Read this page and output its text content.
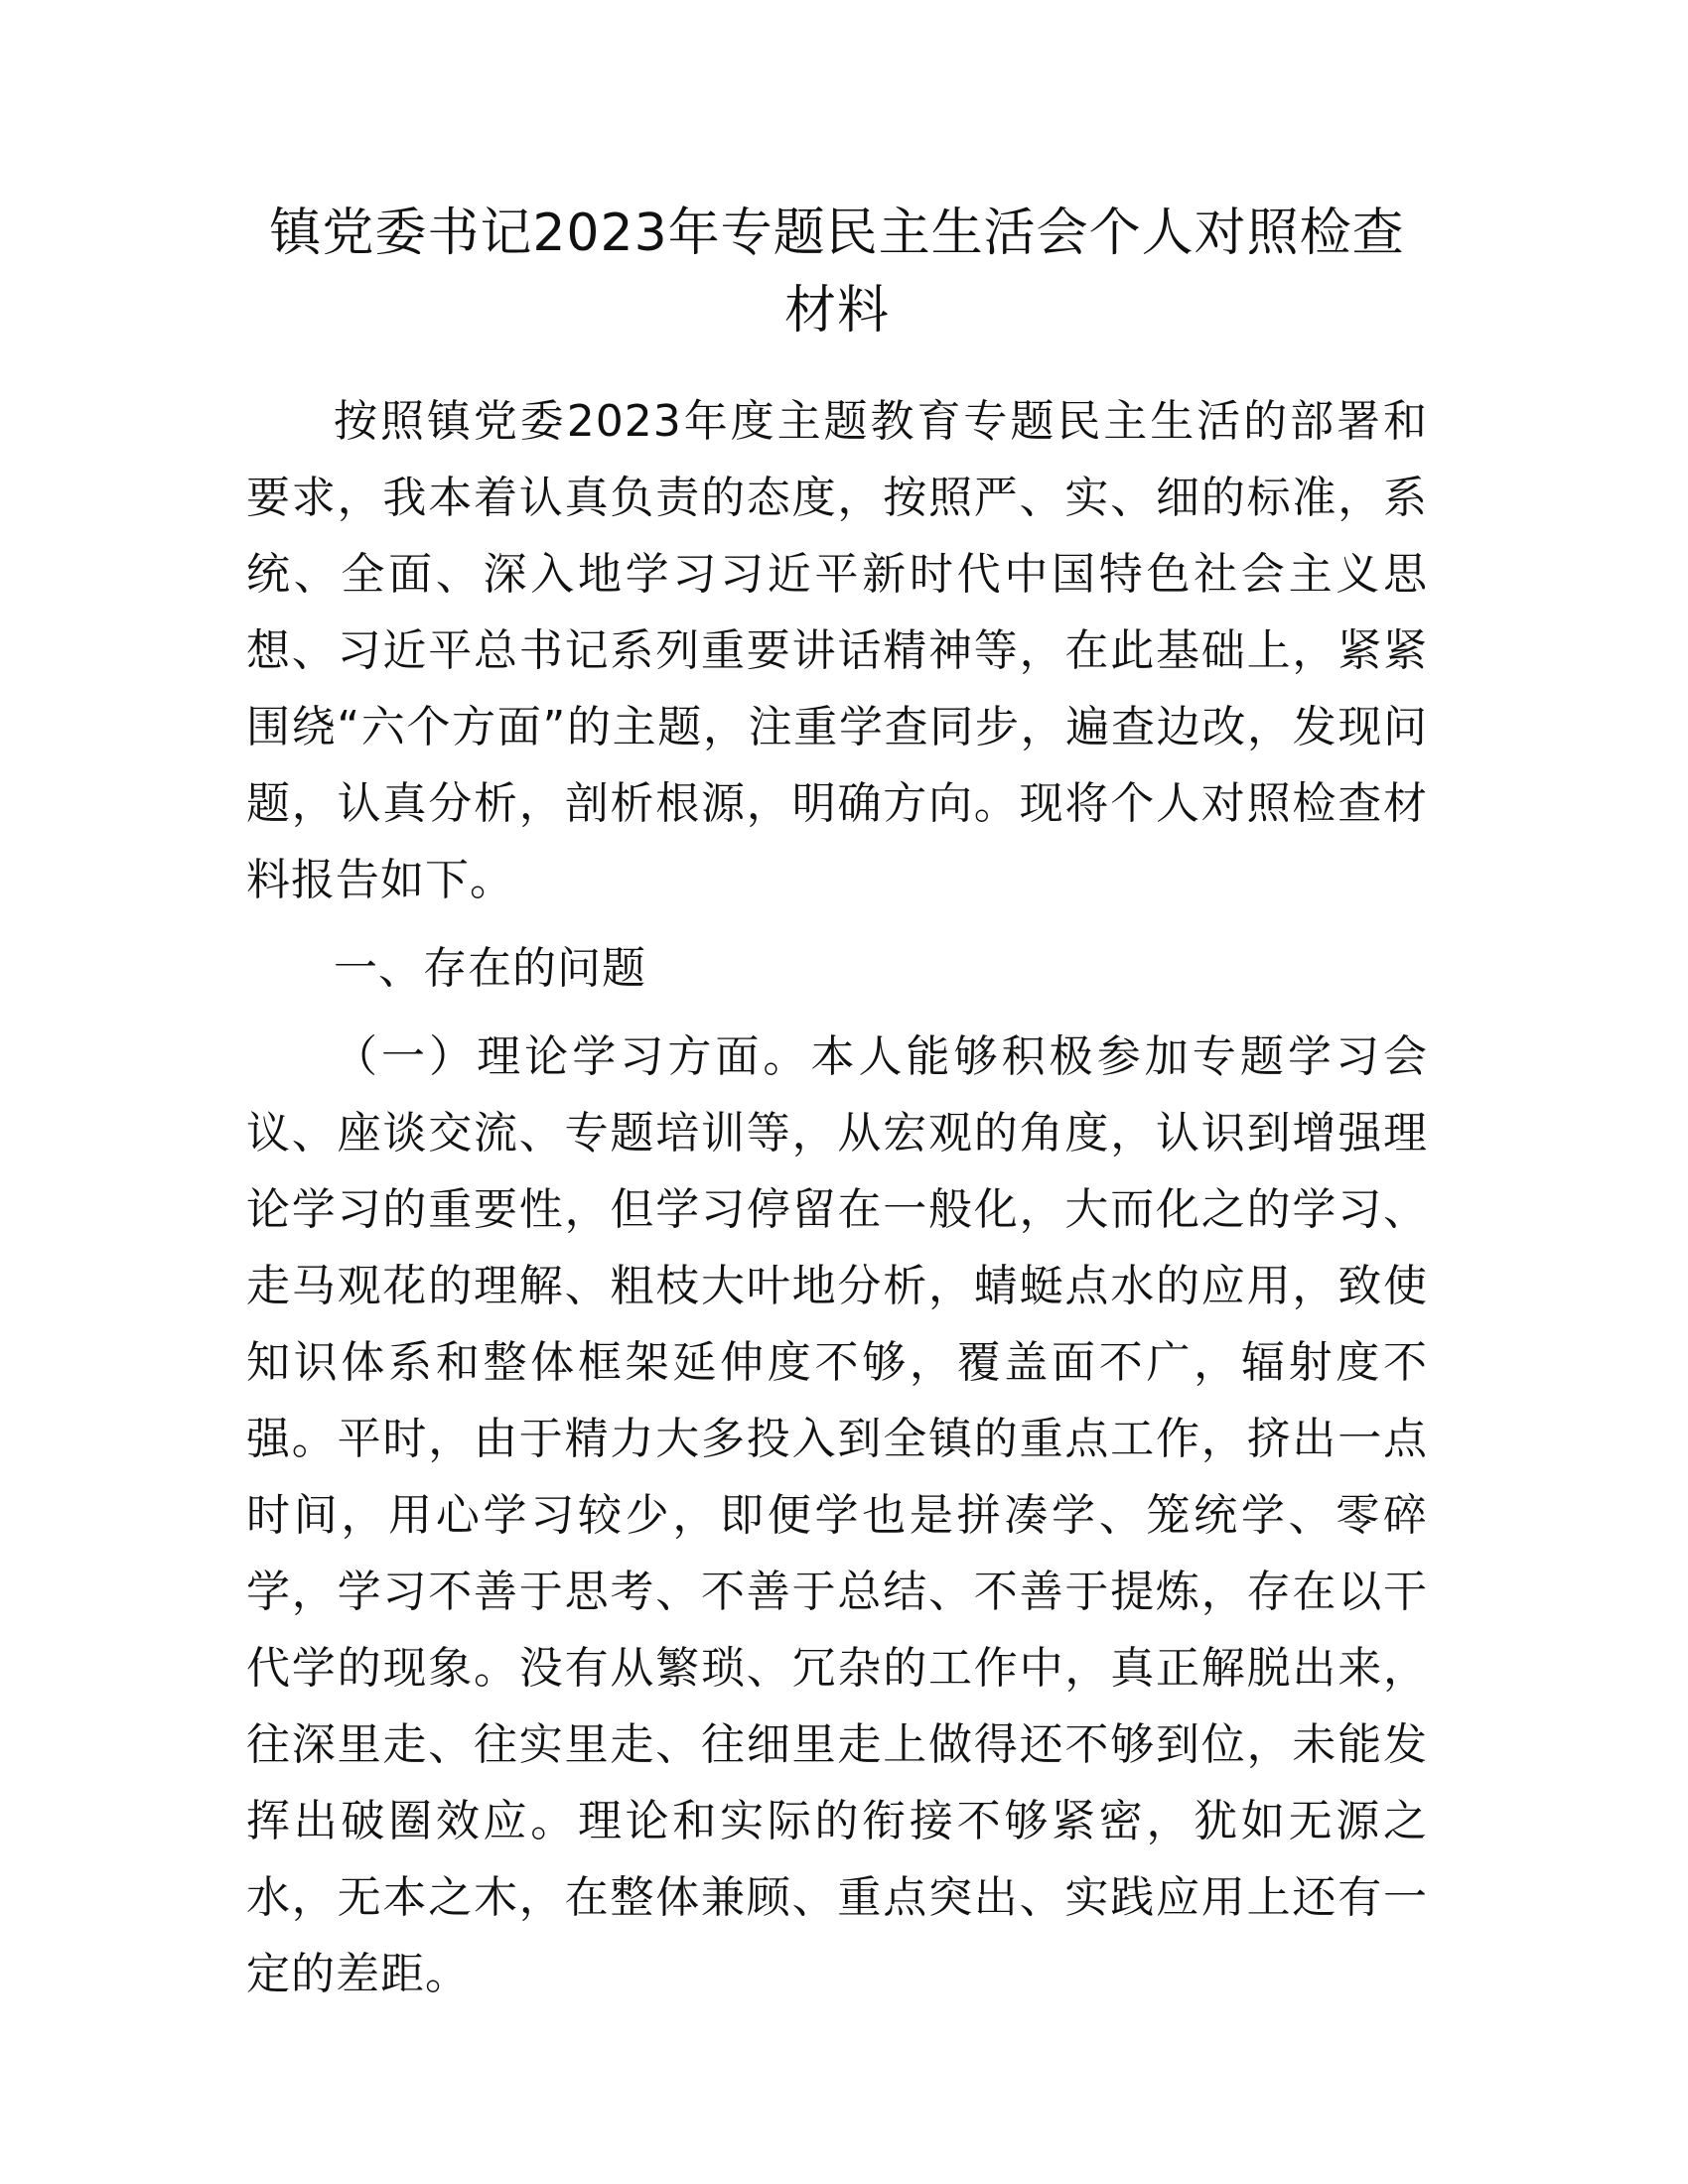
镇党委书记2023年专题民主生活会个人对照检查材料

按照镇党委2023年度主题教育专题民主生活的部署和要求，我本着认真负责的态度，按照严、实、细的标准，系统、全面、深入地学习习近平新时代中国特色社会主义思想、习近平总书记系列重要讲话精神等，在此基础上，紧紧围绕“六个方面”的主题，注重学查同步，遍查边改，发现问题，认真分析，剖析根源，明确方向。现将个人对照检查材料报告如下。

一、存在的问题

（一）理论学习方面。本人能够积极参加专题学习会议、座谈交流、专题培训等，从宏观的角度，认识到增强理论学习的重要性，但学习停留在一般化，大而化之的学习、走马观花的理解、粗枝大叶地分析，蜻蜓点水的应用，致使知识体系和整体框架延伸度不够，覆盖面不广，辐射度不强。平时，由于精力大多投入到全镇的重点工作，挤出一点时间，用心学习较少，即便学也是拼凑学、笼统学、零碎学，学习不善于思考、不善于总结、不善于提炼，存在以干代学的现象。没有从繁琐、冗杂的工作中，真正解脱出来，往深里走、往实里走、往细里走上做得还不够到位，未能发挥出破圈效应。理论和实际的衔接不够紧密，犹如无源之水，无本之木，在整体兼顾、重点突出、实践应用上还有一定的差距。
